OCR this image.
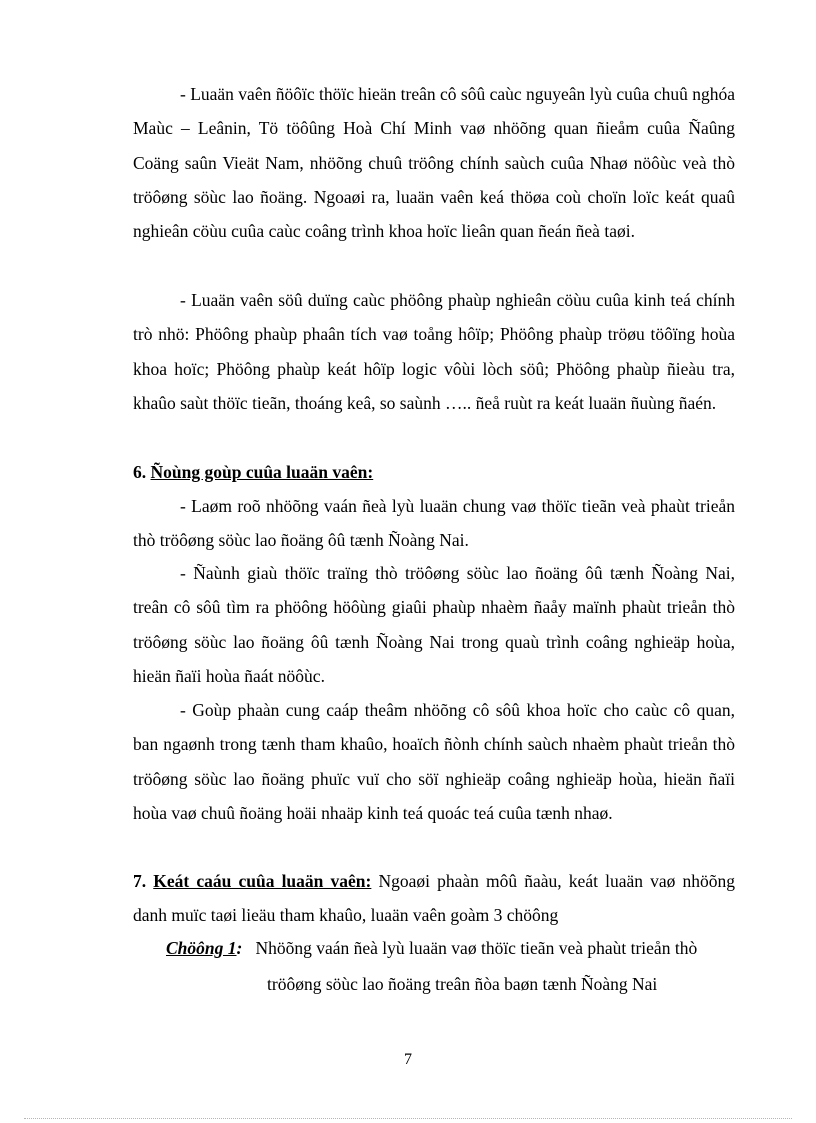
- Luaän vaên ñöôïc thöïc hieän treân cô sôû caùc nguyeân lyù cuûa chuû nghóa Maùc – Leânin, Tö töôûng Hoà Chí Minh vaø nhöõng quan ñieåm cuûa Ñaûng Coäng saûn Vieät Nam, nhöõng chuû tröông chính saùch cuûa Nhaø nöôùc veà thò tröôøng söùc lao ñoäng. Ngoaøi ra, luaän vaên keá thöøa coù choïn loïc keát quaû nghieân cöùu cuûa caùc coâng trình khoa hoïc lieân quan ñeán ñeà taøi.

- Luaän vaên söû duïng caùc phöông phaùp nghieân cöùu cuûa kinh teá chính trò nhö: Phöông phaùp phaân tích vaø toång hôïp; Phöông phaùp tröøu töôïng hoùa khoa hoïc; Phöông phaùp keát hôïp logic vôùi lòch söû; Phöông phaùp ñieàu tra, khaûo saùt thöïc tieãn, thoáng keâ, so saùnh ….. ñeå ruùt ra keát luaän ñuùng ñaén.

6. Ñoùng goùp cuûa luaän vaên:

- Laøm roõ nhöõng vaán ñeà lyù luaän chung vaø thöïc tieãn veà phaùt trieån thò tröôøng söùc lao ñoäng ôû tænh Ñoàng Nai.

- Ñaùnh giaù thöïc traïng thò tröôøng söùc lao ñoäng ôû tænh Ñoàng Nai, treân cô sôû tìm ra phöông höôùng giaûi phaùp nhaèm ñaåy maïnh phaùt trieån thò tröôøng söùc lao ñoäng ôû tænh Ñoàng Nai trong quaù trình coâng nghieäp hoùa, hieän ñaïi hoùa ñaát nöôùc.

- Goùp phaàn cung caáp theâm nhöõng cô sôû khoa hoïc cho caùc cô quan, ban ngaønh trong tænh tham khaûo, hoaïch ñònh chính saùch nhaèm phaùt trieån thò tröôøng söùc lao ñoäng phuïc vuï cho söï nghieäp coâng nghieäp hoùa, hieän ñaïi hoùa vaø chuû ñoäng hoäi nhaäp kinh teá quoác teá cuûa tænh nhaø.

7. Keát caáu cuûa luaän vaên: Ngoaøi phaàn môû ñaàu, keát luaän vaø nhöõng danh muïc taøi lieäu tham khaûo, luaän vaên goàm 3 chöông

Chöông 1: Nhöõng vaán ñeà lyù luaän vaø thöïc tieãn veà phaùt trieån thò
tröôøng söùc lao ñoäng treân ñòa baøn tænh Ñoàng Nai

7
